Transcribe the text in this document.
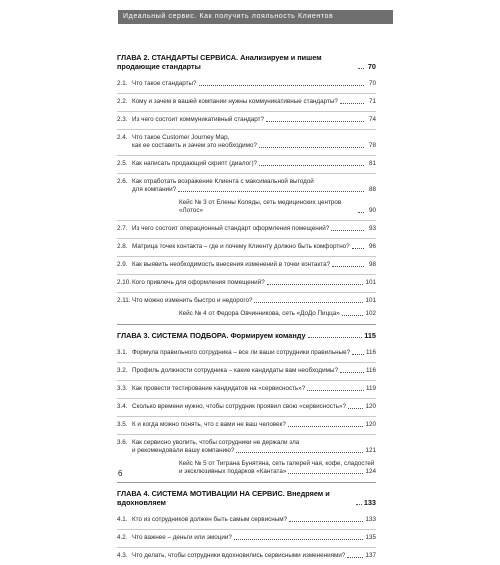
Идеальный сервис. Как получить лояльность Клиентов
ГЛАВА 2. СТАНДАРТЫ СЕРВИСА. Анализируем и пишем продающие стандарты	70
2.1. Что такое стандарты?	70
2.2. Кому и зачем в вашей компании нужны коммуникативные стандарты?	71
2.3. Из чего состоит коммуникативный стандарт?	74
2.4. Что такое Customer Journey Map,
как ее составить и зачем это необходимо?	78
2.5. Как написать продающий скрипт (диалог)?	81
2.6. Как отработать возражение Клиента с максимальной выгодой
для компании?	88
Кейс № 3 от Елены Коляды, сеть медицинских центров «Лотос»	90
2.7. Из чего состоит операционный стандарт оформления помещений?	93
2.8. Матрица точек контакта – где и почему Клиенту должно быть комфортно?	96
2.9. Как выявить необходимость внесения изменений в точки контакта?	98
2.10. Кого привлечь для оформления помещений?	101
2.11. Что можно изменить быстро и недорого?	101
Кейс № 4 от Федора Овчинникова, сеть «ДоДо Пицца»	102
ГЛАВА 3. СИСТЕМА ПОДБОРА. Формируем команду	115
3.1. Формула правильного сотрудника – все ли ваши сотрудники правильные?	116
3.2. Профиль должности сотрудника – какие кандидаты вам необходимы?	116
3.3. Как провести тестирование кандидатов на «сервисность»?	119
3.4. Сколько времени нужно, чтобы сотрудник проявил свою «сервисность»?	120
3.5. К и когда можно понять, что с вами не ваш человек?	120
3.6. Как сервисно уволить, чтобы сотрудники не держали зла
и рекомендовали вашу компанию?	121
Кейс № 5 от Тиграна Бунятяна, сеть галерей чая, кофе, сладостей
и эксклюзивных подарков «Кантата»	124
ГЛАВА 4. СИСТЕМА МОТИВАЦИИ НА СЕРВИС. Внедряем и вдохновляем	133
4.1. Кто из сотрудников должен быть самым сервисным?	133
4.2. Что важнее – деньги или эмоции?	135
4.3. Что делать, чтобы сотрудники вдохновились сервисными изменениями?	137
6
